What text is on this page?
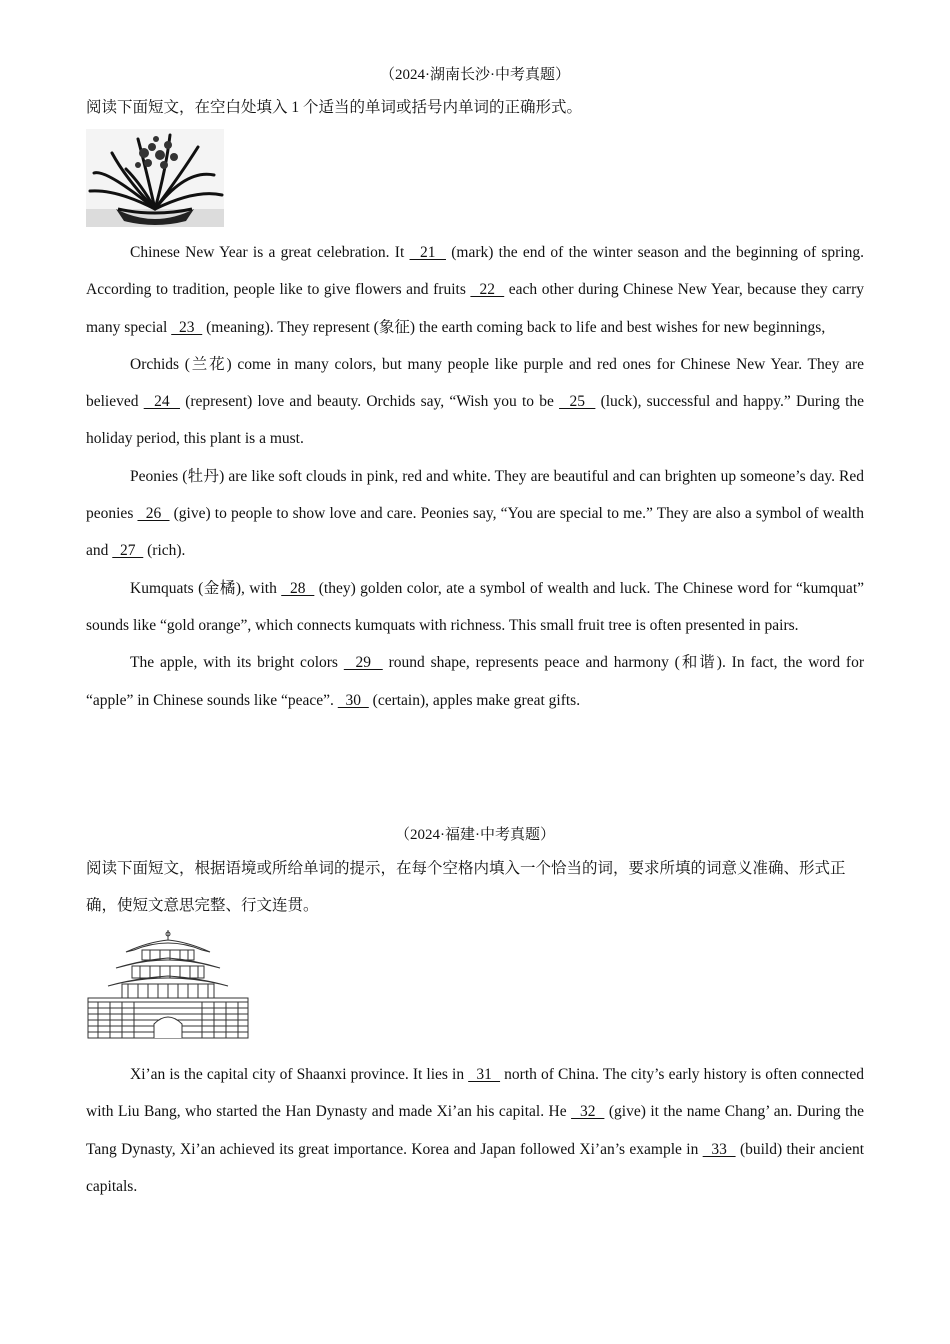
（2024·湖南长沙·中考真题）

阅读下面短文，在空白处填入 1 个适当的单词或括号内单词的正确形式。

Chinese New Year is a great celebration. It   21   (mark) the end of the winter season and the beginning of spring. According to tradition, people like to give flowers and fruits   22   each other during Chinese New Year, because they carry many special   23   (meaning). They represent (象征) the earth coming back to life and best wishes for new beginnings,

Orchids (兰花) come in many colors, but many people like purple and red ones for Chinese New Year. They are believed   24   (represent) love and beauty. Orchids say, “Wish you to be   25   (luck), successful and happy.” During the holiday period, this plant is a must.

Peonies (牡丹) are like soft clouds in pink, red and white. They are beautiful and can brighten up someone’s day. Red peonies   26   (give) to people to show love and care. Peonies say, “You are special to me.” They are also a symbol of wealth and   27   (rich).

Kumquats (金橘), with   28   (they) golden color, ate a symbol of wealth and luck. The Chinese word for “kumquat” sounds like “gold orange”, which connects kumquats with richness. This small fruit tree is often presented in pairs.

The apple, with its bright colors   29   round shape, represents peace and harmony (和谐). In fact, the word for “apple” in Chinese sounds like “peace”.   30   (certain), apples make great gifts.

（2024·福建·中考真题）

阅读下面短文，根据语境或所给单词的提示，在每个空格内填入一个恰当的词，要求所填的词意义准确、形式正确，使短文意思完整、行文连贯。

Xi’an is the capital city of Shaanxi province. It lies in   31   north of China. The city’s early history is often connected with Liu Bang, who started the Han Dynasty and made Xi’an his capital. He   32   (give) it the name Chang’ an. During the Tang Dynasty, Xi’an achieved its great importance. Korea and Japan followed Xi’an’s example in   33   (build) their ancient capitals.
